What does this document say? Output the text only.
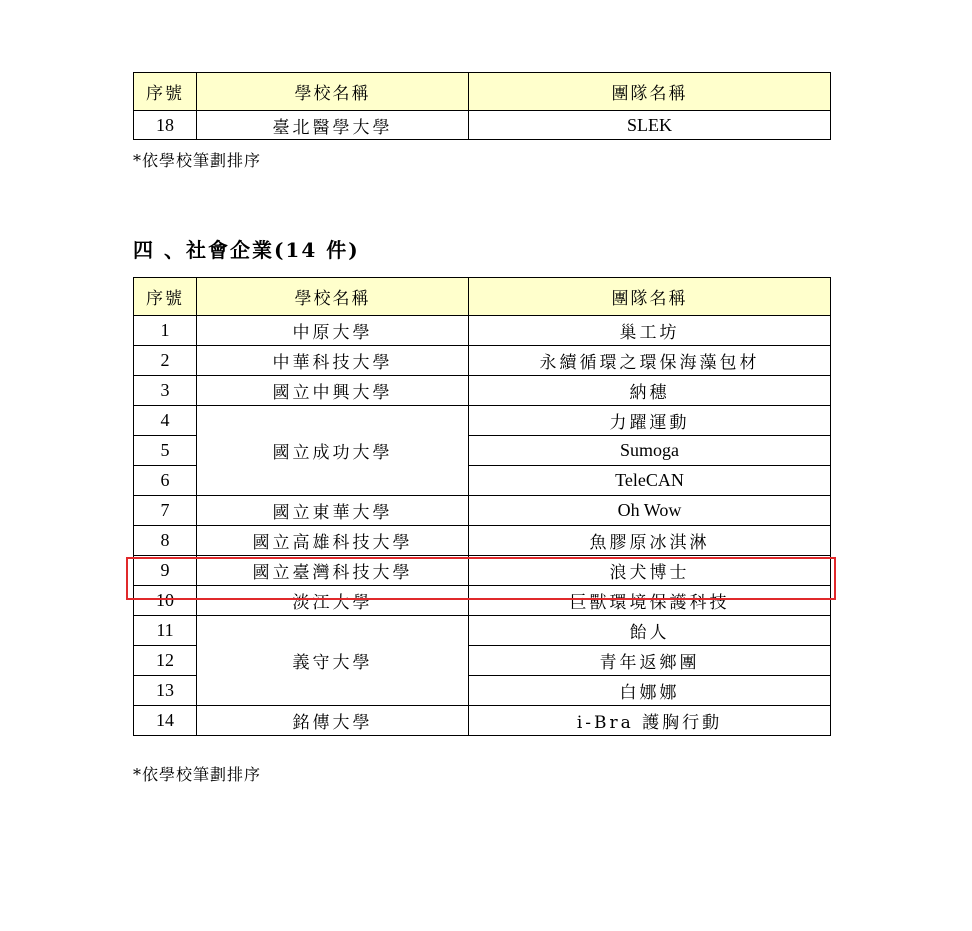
序號	學校名稱	團隊名稱
18	臺北醫學大學	SLEK

*依學校筆劃排序

四 、社會企業(14 件)
序號	學校名稱	團隊名稱
1	中原大學	巢工坊
2	中華科技大學	永續循環之環保海藻包材
3	國立中興大學	納穗
4	國立成功大學	力躍運動
5		Sumoga
6		TeleCAN
7	國立東華大學	Oh Wow
8	國立高雄科技大學	魚膠原冰淇淋
9	國立臺灣科技大學	浪犬博士
10	淡江大學	巨獸環境保護科技
11	義守大學	飴人
12		青年返鄉團
13		白娜娜
14	銘傳大學	i-Bra 護胸行動

*依學校筆劃排序
